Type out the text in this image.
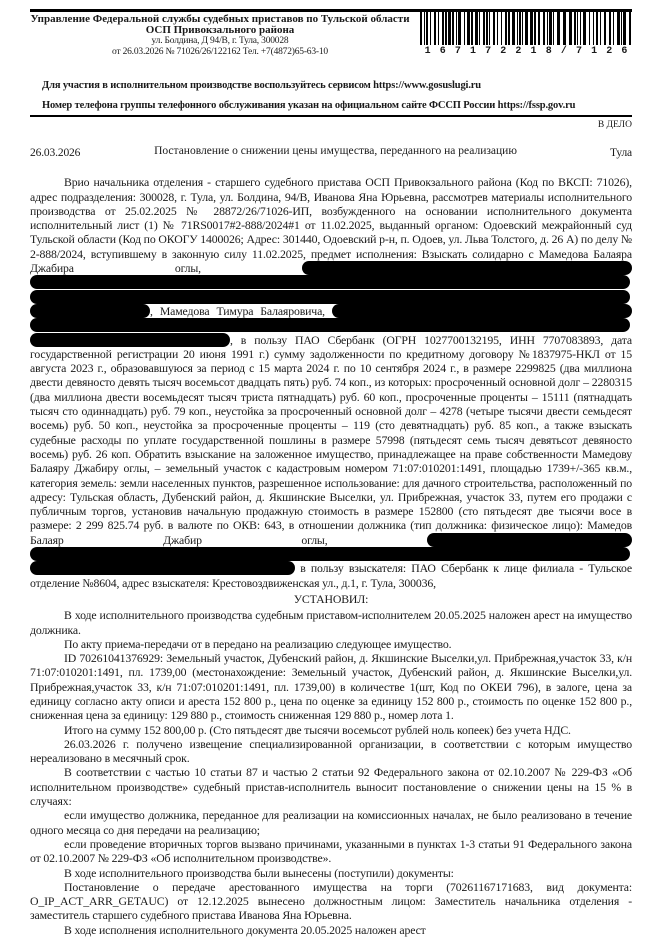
Управление Федеральной службы судебных приставов по Тульской области
ОСП Привокзального района
ул. Болдина, Д 94/В, г. Тула, 300028
от 26.03.2026 № 71026/26/122162 Тел. +7(4872)65-63-10	1 6 7 1 7 2 2 1 8 / 7 1 2 6
Для участия в исполнительном производстве воспользуйтесь сервисом https://www.gosuslugi.ru
Номер телефона группы телефонного обслуживания указан на официальном сайте ФССП России https://fssp.gov.ru
В ДЕЛО
Постановление о снижении цены имущества, переданного на реализацию
26.03.2026	Тула

Врио начальника отделения - старшего судебного пристава ОСП Привокзального района (Код по ВКСП: 71026), адрес подразделения: 300028, г. Тула, ул. Болдина, 94/В, Иванова Яна Юрьевна, рассмотрев материалы исполнительного производства от 25.02.2025 № 28872/26/71026-ИП, возбужденного на основании исполнительного документа исполнительный лист (1) № 71RS0017#2-888/2024#1 от 11.02.2025, выданный органом: Одоевский межрайонный суд Тульской области (Код по ОКОГУ 1400026; Адрес: 301440, Одоевский р-н, п. Одоев, ул. Льва Толстого, д. 26 А) по делу № 2-888/2024, вступившему в законную силу 11.02.2025, предмет исполнения: Взыскать солидарно с Мамедова Балаяра Джабира оглы,    , Мамедова Тимура Балаяровича,   , в пользу ПАО Сбербанк (ОГРН 1027700132195, ИНН 7707083893, дата государственной регистрации 20 июня 1991 г.) сумму задолженности по кредитному договору №1837975-НКЛ от 15 августа 2023 г., образовавшуюся за период с 15 марта 2024 г. по 10 сентября 2024 г., в размере 2299825 (два миллиона двести девяносто девять тысяч восемьсот двадцать пять) руб. 74 коп., из которых: просроченный основной долг – 2280315 (два миллиона двести восемьдесят тысяч триста пятнадцать) руб. 60 коп., просроченные проценты – 15111 (пятнадцать тысяч сто одиннадцать) руб. 79 коп., неустойка за просроченный основной долг – 4278 (четыре тысячи двести семьдесят восемь) руб. 50 коп., неустойка за просроченные проценты – 119 (сто девятнадцать) руб. 85 коп., а также взыскать судебные расходы по уплате государственной пошлины в размере 57998 (пятьдесят семь тысяч девятьсот девяносто восемь) руб. 26 коп. Обратить взыскание на заложенное имущество, принадлежащее на праве собственности Мамедову Балаяру Джабиру оглы, – земельный участок с кадастровым номером 71:07:010201:1491, площадью 1739+/-365 кв.м., категория земель: земли населенных пунктов, разрешенное использование: для дачного строительства, расположенный по адресу: Тульская область, Дубенский район, д. Якшинские Выселки, ул. Прибрежная, участок 33, путем его продажи с публичным торгов, установив начальную продажную стоимость в размере 152800 (сто пятьдесят две тысячи восе в размере: 2 299 825.74 руб. в валюте по ОКВ: 643, в отношении должника (тип должника: физическое лицо): Мамедов Балаяр Джабир оглы,    в пользу взыскателя: ПАО Сбербанк к лице филиала - Тульское отделение №8604, адрес взыскателя: Крестовоздвиженская ул., д.1, г. Тула, 300036,

УСТАНОВИЛ:

В ходе исполнительного производства судебным приставом-исполнителем 20.05.2025 наложен арест на имущество должника.

По акту приема-передачи от в передано на реализацию следующее имущество.

ID 70261041376929: Земельный участок, Дубенский район, д. Якшинские Выселки,ул. Прибрежная,участок 33, к/н 71:07:010201:1491, пл. 1739,00 (местонахождение: Земельный участок, Дубенский район, д. Якшинские Выселки,ул. Прибрежная,участок 33, к/н 71:07:010201:1491, пл. 1739,00) в количестве 1(шт, Код по ОКЕИ 796), в залоге, цена за единицу согласно акту описи и ареста 152 800 р., цена по оценке за единицу 152 800 р., стоимость по оценке 152 800 р., сниженная цена за единицу: 129 880 р., стоимость сниженная 129 880 р., номер лота 1.

Итого на сумму 152 800,00 р. (Сто пятьдесят две тысячи восемьсот рублей ноль копеек) без учета НДС.

26.03.2026 г. получено извещение специализированной организации, в соответствии с которым имущество нереализовано в месячный срок.

В соответствии с частью 10 статьи 87 и частью 2 статьи 92 Федерального закона от 02.10.2007 № 229-ФЗ «Об исполнительном производстве» судебный пристав-исполнитель выносит постановление о снижении цены на 15 % в случаях:

если имущество должника, переданное для реализации на комиссионных началах, не было реализовано в течение одного месяца со дня передачи на реализацию;

если проведение вторичных торгов вызвано причинами, указанными в пунктах 1-3 статьи 91 Федерального закона от 02.10.2007 № 229-ФЗ «Об исполнительном производстве».

В ходе исполнительного производства были вынесены (поступили) документы:

Постановление о передаче арестованного имущества на торги (70261167171683, вид документа: O_IP_ACT_ARR_GETAUC) от 12.12.2025 вынесено должностным лицом: Заместитель начальника отделения - заместитель старшего судебного пристава Иванова Яна Юрьевна.

В ходе исполнения исполнительного документа 20.05.2025 наложен арест
